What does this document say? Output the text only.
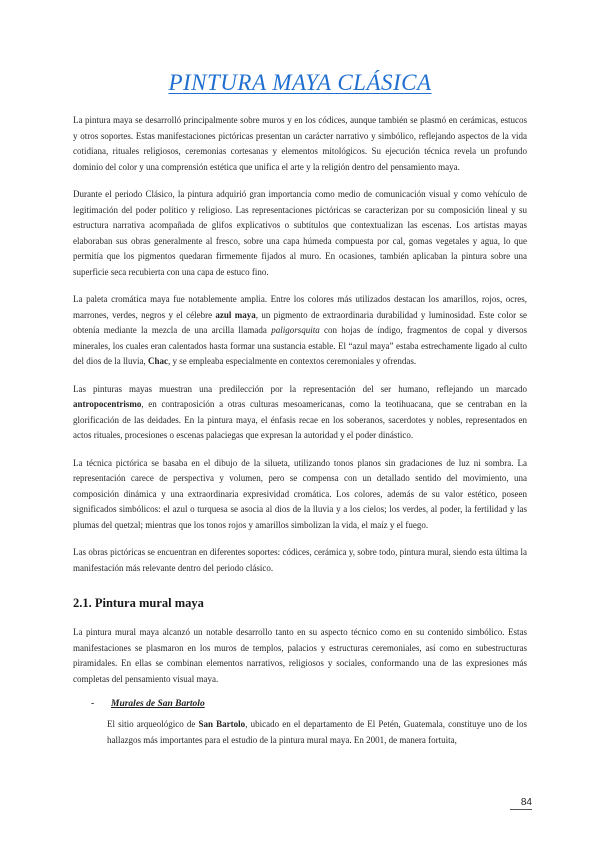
PINTURA MAYA CLÁSICA

La pintura maya se desarrolló principalmente sobre muros y en los códices, aunque también se plasmó en cerámicas, estucos y otros soportes. Estas manifestaciones pictóricas presentan un carácter narrativo y simbólico, reflejando aspectos de la vida cotidiana, rituales religiosos, ceremonias cortesanas y elementos mitológicos. Su ejecución técnica revela un profundo dominio del color y una comprensión estética que unifica el arte y la religión dentro del pensamiento maya.

Durante el periodo Clásico, la pintura adquirió gran importancia como medio de comunicación visual y como vehículo de legitimación del poder político y religioso. Las representaciones pictóricas se caracterizan por su composición lineal y su estructura narrativa acompañada de glifos explicativos o subtítulos que contextualizan las escenas. Los artistas mayas elaboraban sus obras generalmente al fresco, sobre una capa húmeda compuesta por cal, gomas vegetales y agua, lo que permitía que los pigmentos quedaran firmemente fijados al muro. En ocasiones, también aplicaban la pintura sobre una superficie seca recubierta con una capa de estuco fino.

La paleta cromática maya fue notablemente amplia. Entre los colores más utilizados destacan los amarillos, rojos, ocres, marrones, verdes, negros y el célebre azul maya, un pigmento de extraordinaria durabilidad y luminosidad. Este color se obtenía mediante la mezcla de una arcilla llamada paligorsquita con hojas de índigo, fragmentos de copal y diversos minerales, los cuales eran calentados hasta formar una sustancia estable. El “azul maya” estaba estrechamente ligado al culto del dios de la lluvia, Chac, y se empleaba especialmente en contextos ceremoniales y ofrendas.

Las pinturas mayas muestran una predilección por la representación del ser humano, reflejando un marcado antropocentrismo, en contraposición a otras culturas mesoamericanas, como la teotihuacana, que se centraban en la glorificación de las deidades. En la pintura maya, el énfasis recae en los soberanos, sacerdotes y nobles, representados en actos rituales, procesiones o escenas palaciegas que expresan la autoridad y el poder dinástico.

La técnica pictórica se basaba en el dibujo de la silueta, utilizando tonos planos sin gradaciones de luz ni sombra. La representación carece de perspectiva y volumen, pero se compensa con un detallado sentido del movimiento, una composición dinámica y una extraordinaria expresividad cromática. Los colores, además de su valor estético, poseen significados simbólicos: el azul o turquesa se asocia al dios de la lluvia y a los cielos; los verdes, al poder, la fertilidad y las plumas del quetzal; mientras que los tonos rojos y amarillos simbolizan la vida, el maíz y el fuego.

Las obras pictóricas se encuentran en diferentes soportes: códices, cerámica y, sobre todo, pintura mural, siendo esta última la manifestación más relevante dentro del periodo clásico.

2.1. Pintura mural maya

La pintura mural maya alcanzó un notable desarrollo tanto en su aspecto técnico como en su contenido simbólico. Estas manifestaciones se plasmaron en los muros de templos, palacios y estructuras ceremoniales, así como en subestructuras piramidales. En ellas se combinan elementos narrativos, religiosos y sociales, conformando una de las expresiones más completas del pensamiento visual maya.

- Murales de San Bartolo

El sitio arqueológico de San Bartolo, ubicado en el departamento de El Petén, Guatemala, constituye uno de los hallazgos más importantes para el estudio de la pintura mural maya. En 2001, de manera fortuita,

84
